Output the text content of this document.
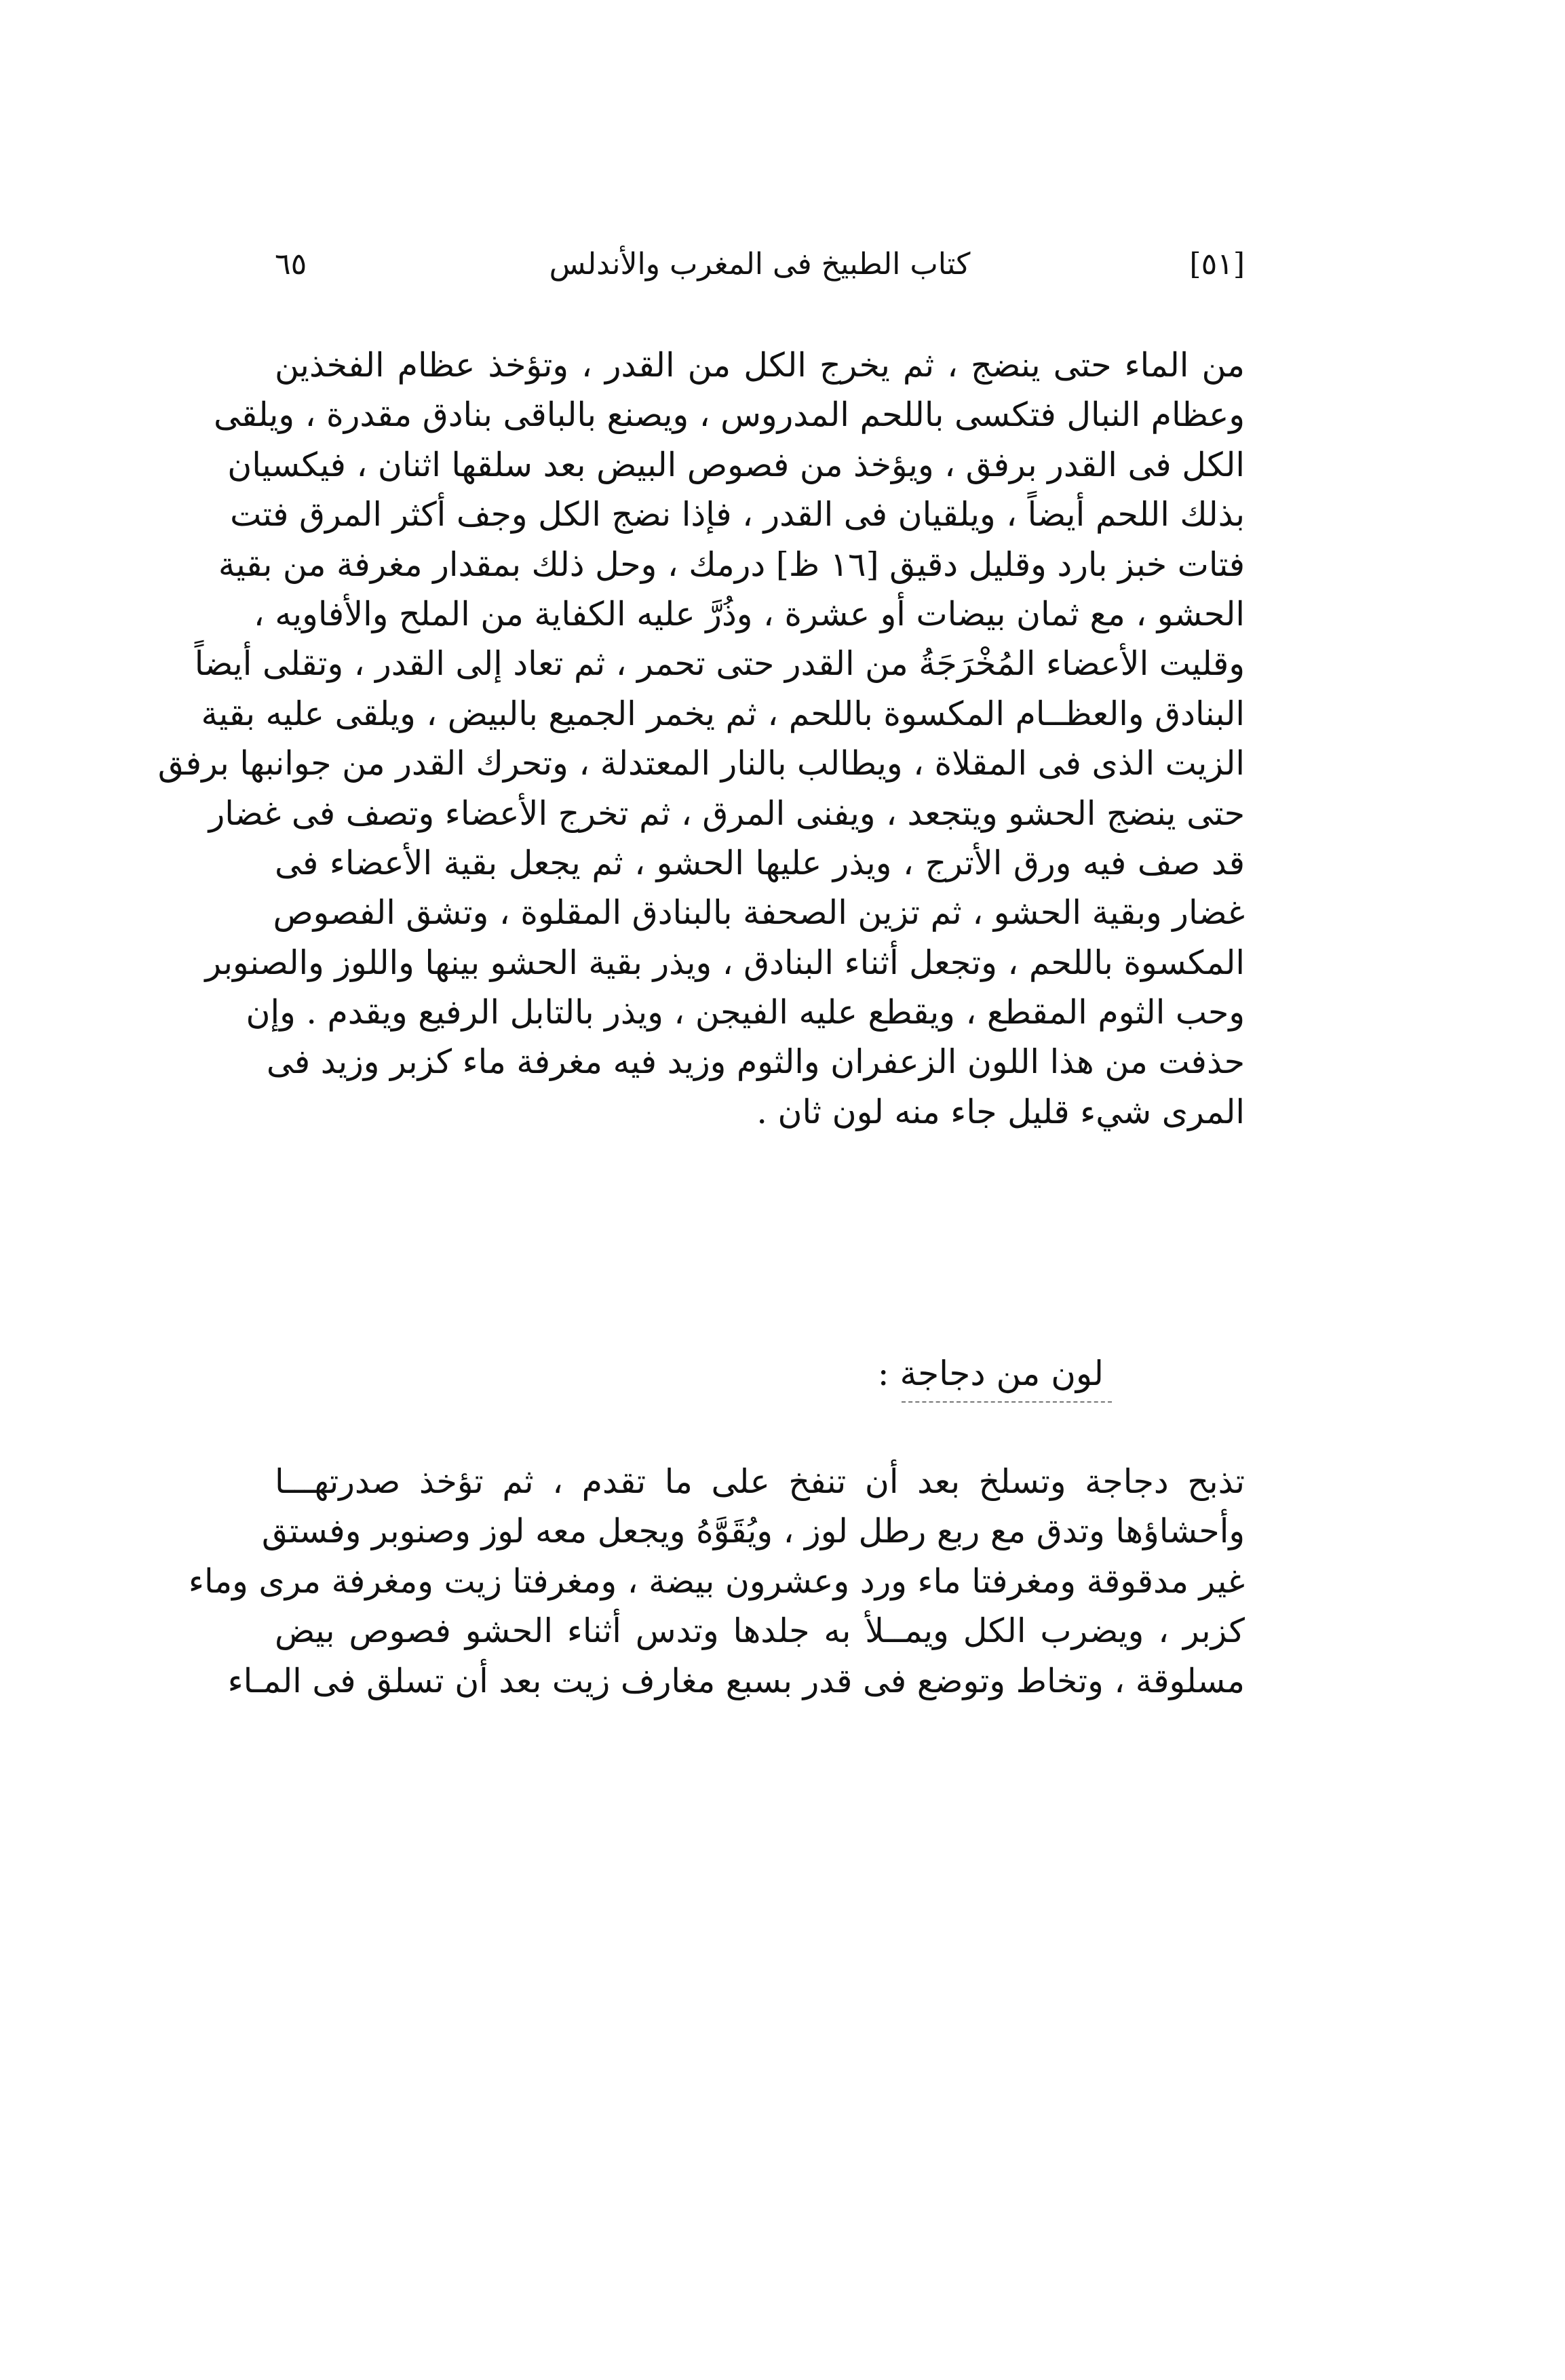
[٥١]
كتاب الطبيخ فى المغرب والأندلس
٦٥
من الماء حتى ينضج ، ثم يخرج الكل من القدر ، وتؤخذ عظام الفخذين
وعظام النبال فتكسى باللحم المدروس ، ويصنع بالباقى بنادق مقدرة ، ويلقى
الكل فى القدر برفق ، ويؤخذ من فصوص البيض بعد سلقها اثنان ، فيكسيان
بذلك اللحم أيضاً ، ويلقيان فى القدر ، فإذا نضج الكل وجف أكثر المرق فتت
فتات خبز بارد وقليل دقيق [١٦ ظ] درمك ، وحل ذلك بمقدار مغرفة من بقية
الحشو ، مع ثمان بيضات أو عشرة ، وذُرَّ عليه الكفاية من الملح والأفاويه ،
وقليت الأعضاء المُخْرَجَةُ من القدر حتى تحمر ، ثم تعاد إلى القدر ، وتقلى أيضاً
البنادق والعظــام المكسوة باللحم ، ثم يخمر الجميع بالبيض ، ويلقى عليه بقية
الزيت الذى فى المقلاة ، ويطالب بالنار المعتدلة ، وتحرك القدر من جوانبها برفق
حتى ينضج الحشو ويتجعد ، ويفنى المرق ، ثم تخرج الأعضاء وتصف فى غضار
قد صف فيه ورق الأترج ، ويذر عليها الحشو ، ثم يجعل بقية الأعضاء فى
غضار وبقية الحشو ، ثم تزين الصحفة بالبنادق المقلوة ، وتشق الفصوص
المكسوة باللحم ، وتجعل أثناء البنادق ، ويذر بقية الحشو بينها واللوز والصنوبر
وحب الثوم المقطع ، ويقطع عليه الفيجن ، ويذر بالتابل الرفيع ويقدم . وإن
حذفت من هذا اللون الزعفران والثوم وزيد فيه مغرفة ماء كزبر وزيد فى
المرى شيء قليل جاء منه لون ثان .
لون من دجاجة :
تذبح دجاجة وتسلخ بعد أن تنفخ على ما تقدم ، ثم تؤخذ صدرتهـــا
وأحشاؤها وتدق مع ربع رطل لوز ، ويُقَوَّهُ ويجعل معه لوز وصنوبر وفستق
غير مدقوقة ومغرفتا ماء ورد وعشرون بيضة ، ومغرفتا زيت ومغرفة مرى وماء
كزبر ، ويضرب الكل ويمــلأ به جلدها وتدس أثناء الحشو فصوص بيض
مسلوقة ، وتخاط وتوضع فى قدر بسبع مغارف زيت بعد أن تسلق فى المـاء
